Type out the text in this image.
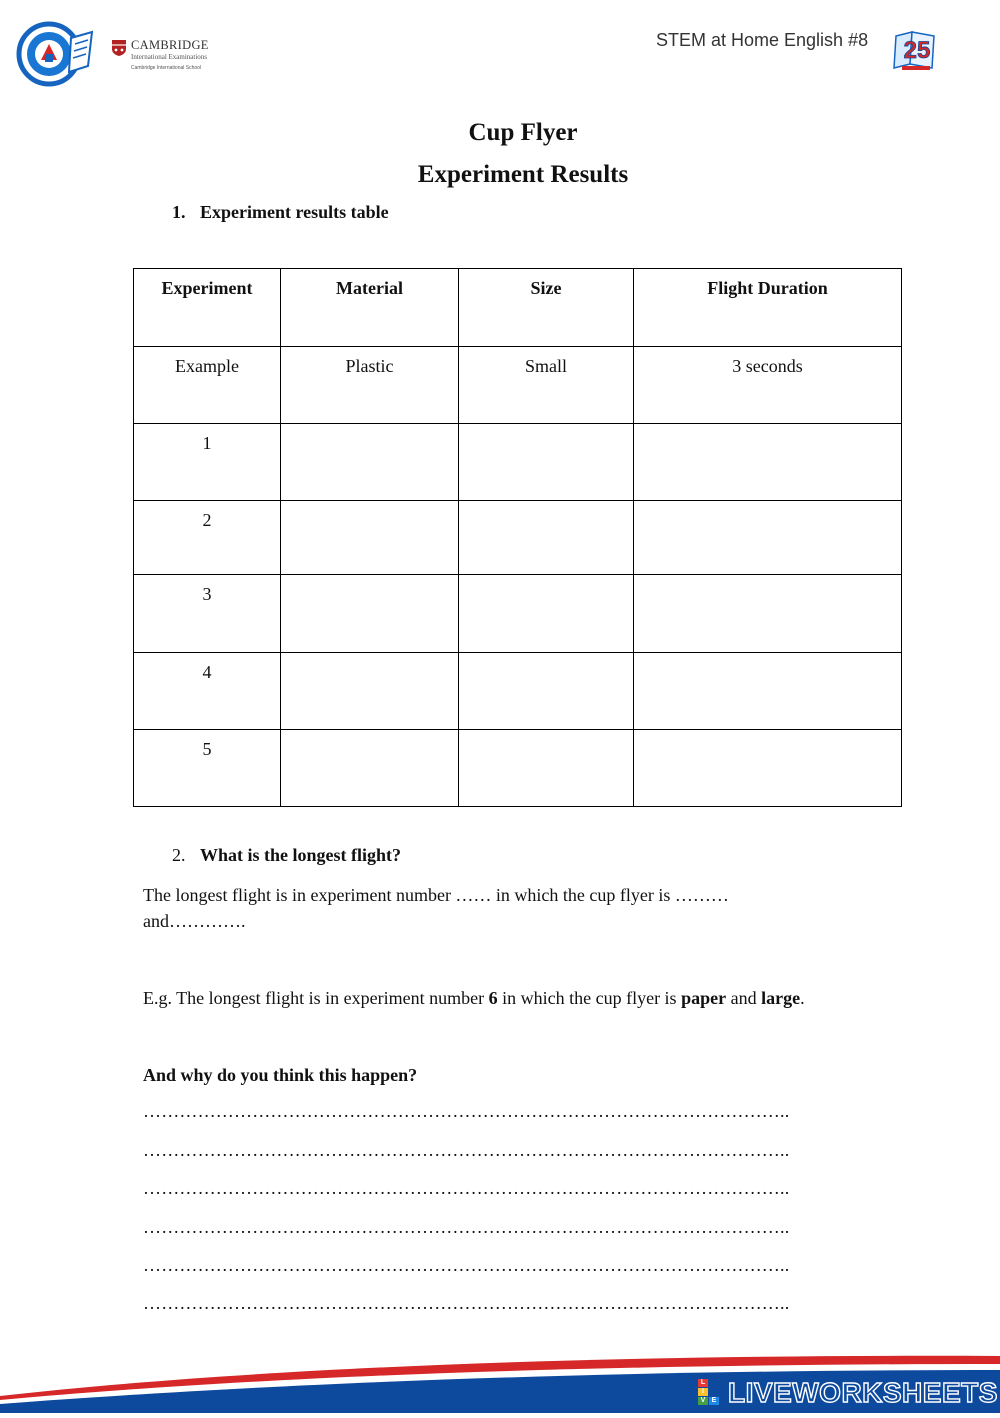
CAMBRIDGE
International Examinations
Cambridge International School
STEM at Home English #8 25
Cup Flyer
Experiment Results
1. Experiment results table
Experiment	Material	Size	Flight Duration
Example	Plastic	Small	3 seconds
1			
2			
3			
4			
5			
2. What is the longest flight?
The longest flight is in experiment number …… in which the cup flyer is ………
and………….
E.g. The longest flight is in experiment number 6 in which the cup flyer is paper and large.
And why do you think this happen?
……………………………………………………………………………………………..
……………………………………………………………………………………………..
……………………………………………………………………………………………..
……………………………………………………………………………………………..
……………………………………………………………………………………………..
……………………………………………………………………………………………..
L
I
V E LIVEWORKSHEETS
